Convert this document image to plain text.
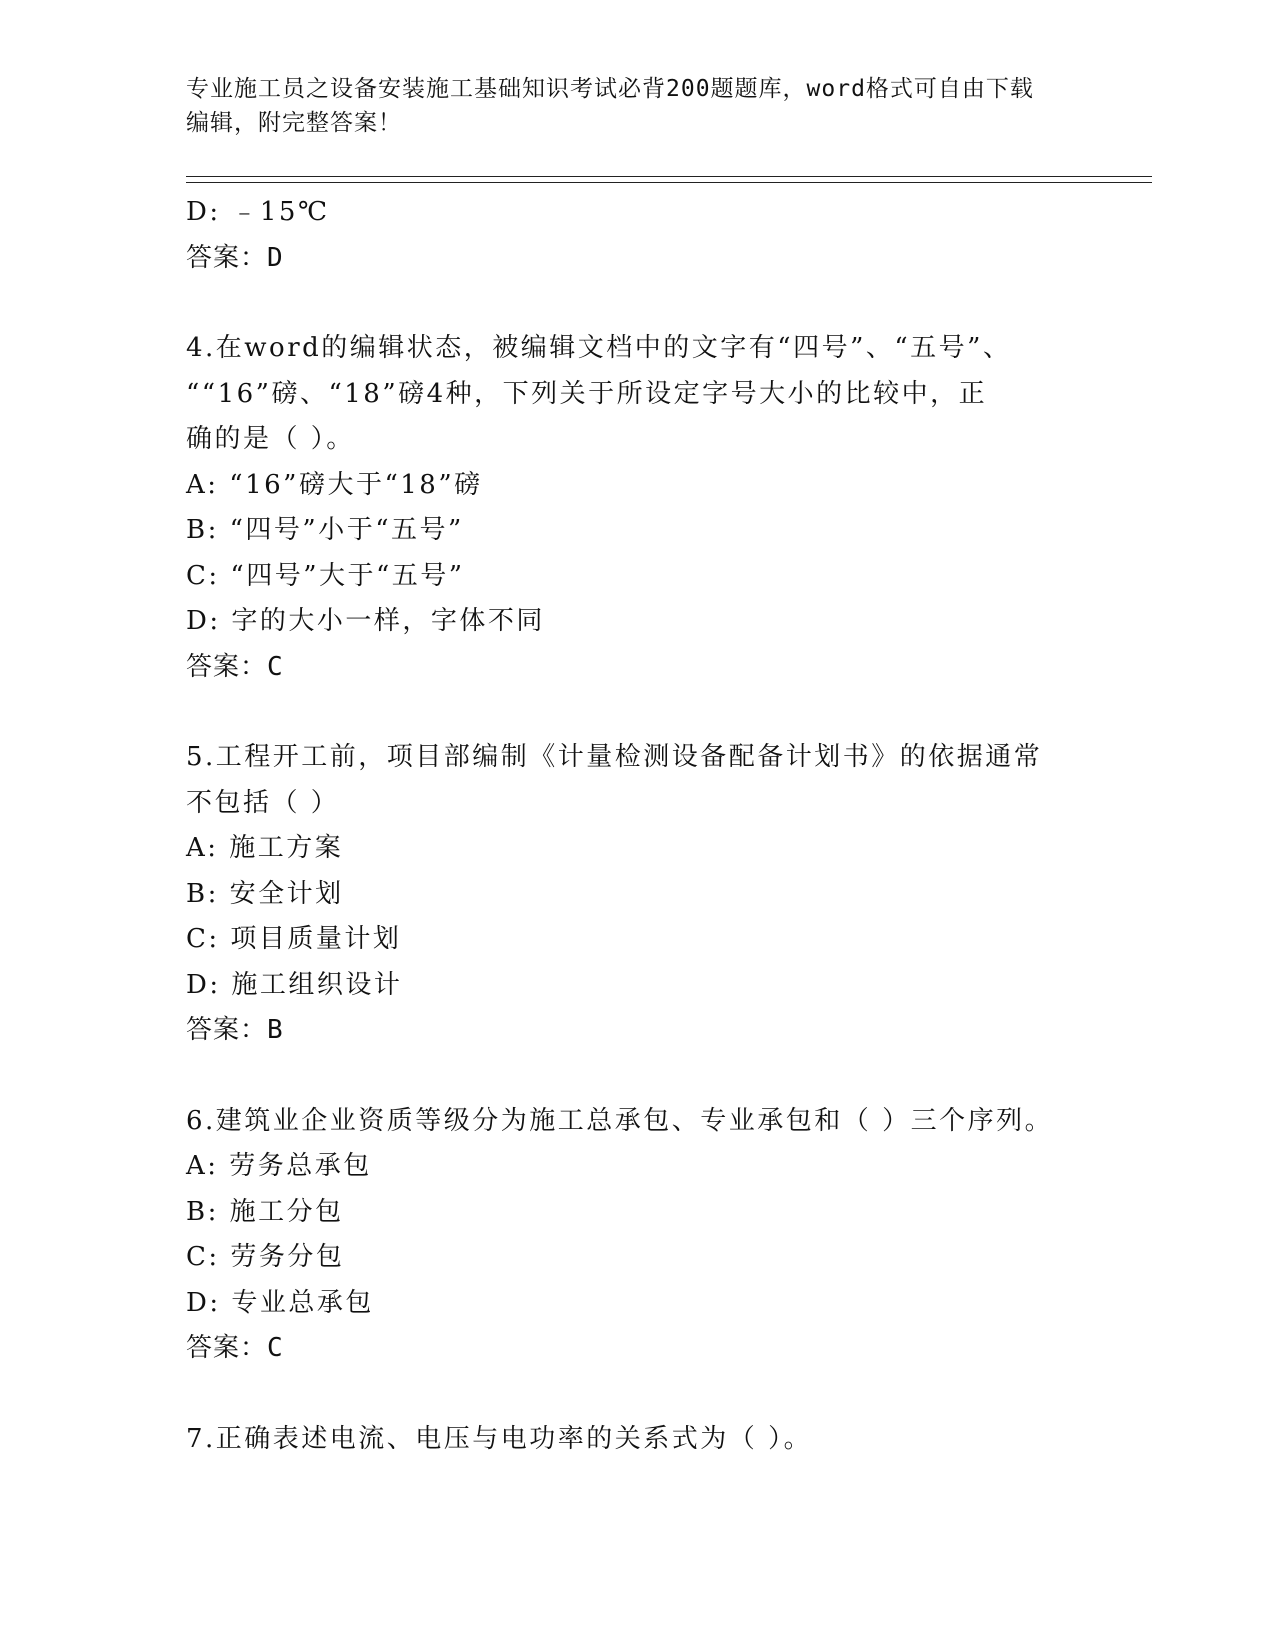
专业施工员之设备安装施工基础知识考试必背200题题库，word格式可自由下载
编辑，附完整答案！
D: ﹣15℃
答案：D
4.在word的编辑状态，被编辑文档中的文字有“四号”、“五号”、
““16”磅、“18”磅4种，下列关于所设定字号大小的比较中，正
确的是（ ）。
A: “16”磅大于“18”磅
B: “四号”小于“五号”
C: “四号”大于“五号”
D: 字的大小一样，字体不同
答案：C
5.工程开工前，项目部编制《计量检测设备配备计划书》的依据通常
不包括（ ）
A: 施工方案
B: 安全计划
C: 项目质量计划
D: 施工组织设计
答案：B
6.建筑业企业资质等级分为施工总承包、专业承包和（ ）三个序列。
A: 劳务总承包
B: 施工分包
C: 劳务分包
D: 专业总承包
答案：C
7.正确表述电流、电压与电功率的关系式为（ ）。
